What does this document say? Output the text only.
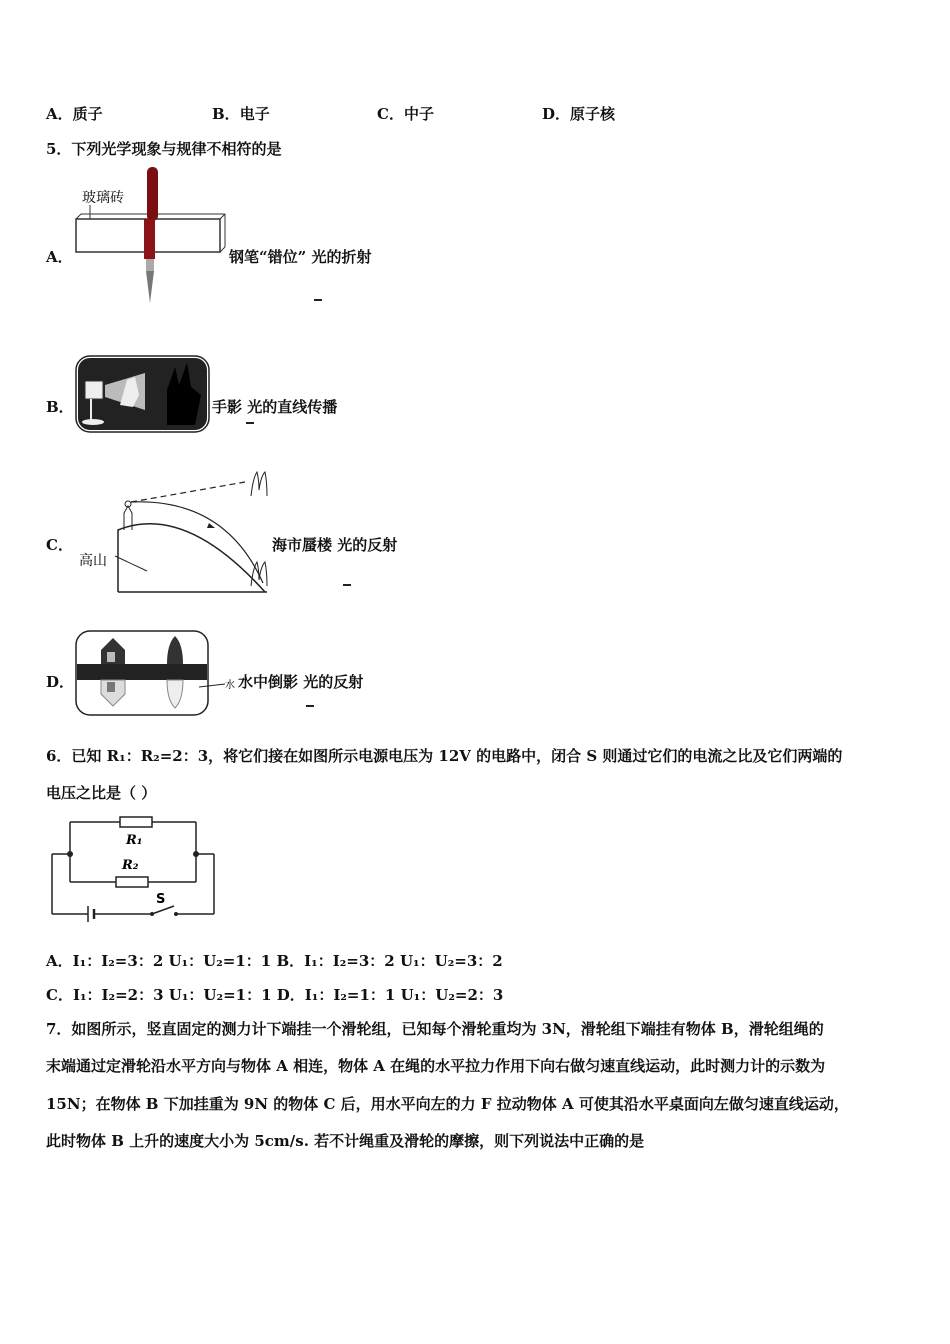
A．质子	B．电子	C．中子	D．原子核
5．下列光学现象与规律不相符的是
A．
玻璃砖
钢笔“错位” 光的折射
B．	手影 光的直线传播
C．
高山
海市蜃楼 光的反射
D．	水 水中倒影 光的反射
6．已知 R₁：R₂=2：3，将它们接在如图所示电源电压为 12V 的电路中，闭合 S 则通过它们的电流之比及它们两端的
电压之比是（ ）
R₁
R₂
S
A．I₁：I₂=3：2 U₁：U₂=1：1 B．I₁：I₂=3：2 U₁：U₂=3：2
C．I₁：I₂=2：3 U₁：U₂=1：1 D．I₁：I₂=1：1 U₁：U₂=2：3
7．如图所示，竖直固定的测力计下端挂一个滑轮组，已知每个滑轮重均为 3N，滑轮组下端挂有物体 B，滑轮组绳的
末端通过定滑轮沿水平方向与物体 A 相连，物体 A 在绳的水平拉力作用下向右做匀速直线运动，此时测力计的示数为
15N；在物体 B 下加挂重为 9N 的物体 C 后，用水平向左的力 F 拉动物体 A 可使其沿水平桌面向左做匀速直线运动，
此时物体 B 上升的速度大小为 5cm/s. 若不计绳重及滑轮的摩擦，则下列说法中正确的是
